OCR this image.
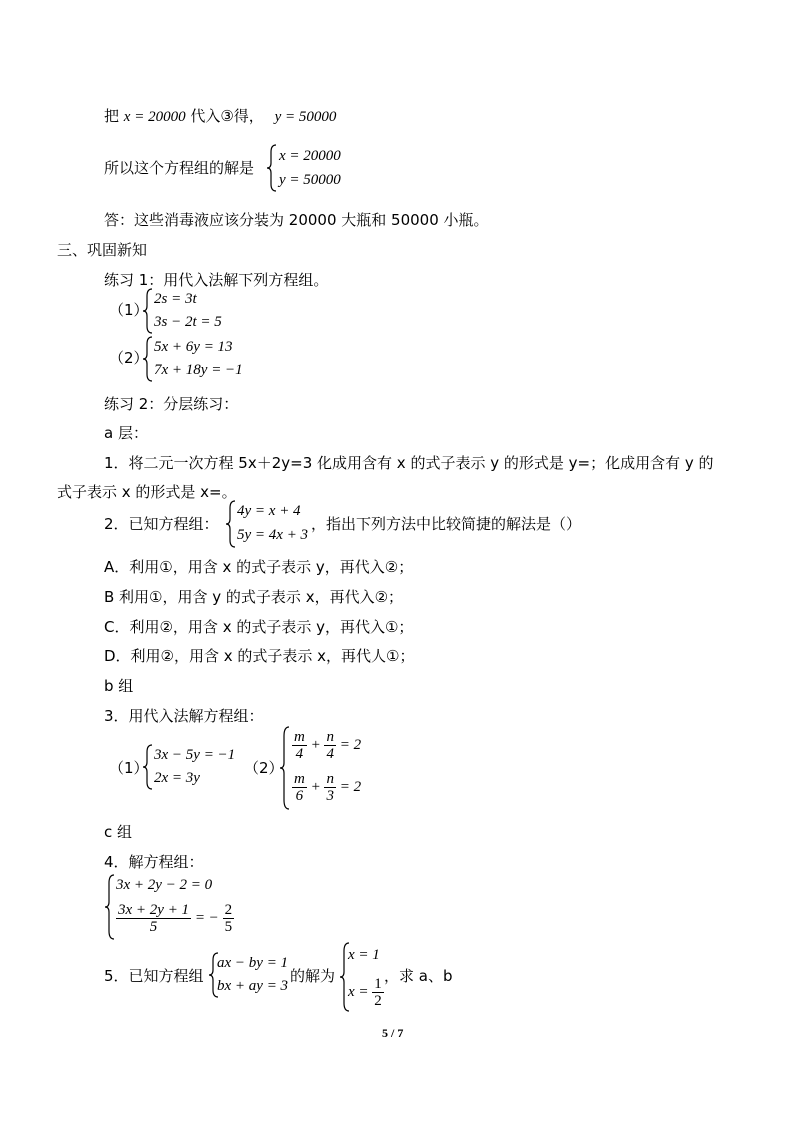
把 x = 20000 代入③得， y = 50000
所以这个方程组的解是
x = 20000
y = 50000
答：这些消毒液应该分装为 20000 大瓶和 50000 小瓶。
三、巩固新知
练习 1：用代入法解下列方程组。
（1）
2s = 3t
3s − 2t = 5
（2）
5x + 6y = 13
7x + 18y = −1
练习 2：分层练习：
a 层：
1．将二元一次方程 5x＋2y=3 化成用含有 x 的式子表示 y 的形式是 y=；化成用含有 y 的
式子表示 x 的形式是 x=。
2．已知方程组：
4y = x + 4
5y = 4x + 3
，指出下列方法中比较简捷的解法是（）
A．利用①，用含 x 的式子表示 y，再代入②；
B 利用①，用含 y 的式子表示 x，再代入②；
C．利用②，用含 x 的式子表示 y，再代入①；
D．利用②，用含 x 的式子表示 x，再代人①；
b 组
3．用代入法解方程组：
（1）
3x − 5y = −1
2x = 3y
（2）
$\frac{m}{4} + \frac{n}{4} = 2$
$\frac{m}{6} + \frac{n}{3} = 2$
c 组
4．解方程组：
3x + 2y − 2 = 0
$\frac{3x + 2y + 1}{5}$ = − $\frac{2}{5}$
5．已知方程组
ax − by = 1
bx + ay = 3
的解为
x = 1
$x = \frac{1}{2}$
，求 a、b
5 / 7
